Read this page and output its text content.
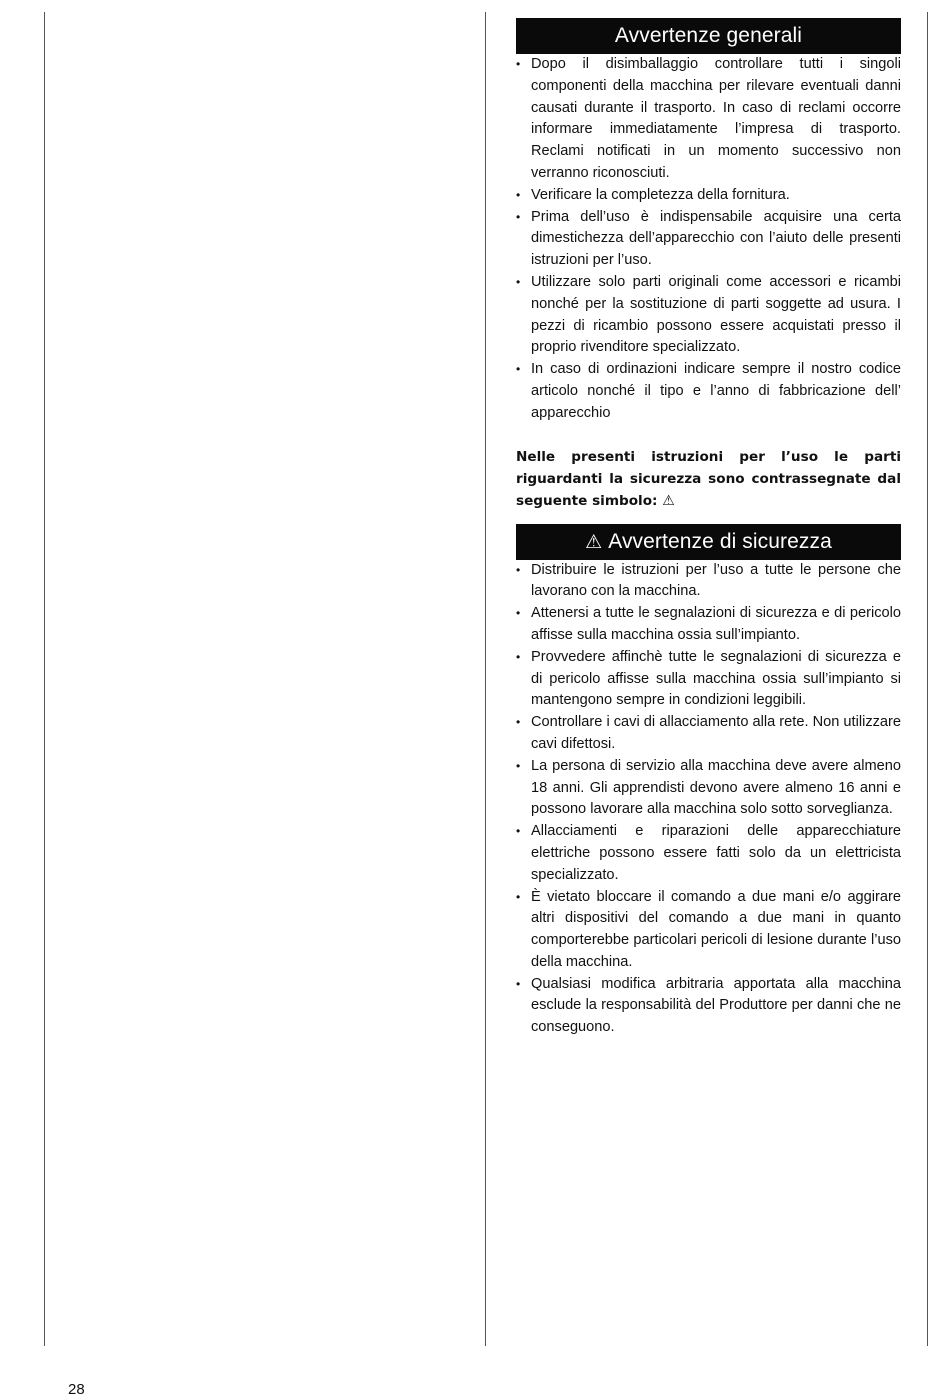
Avvertenze generali
• Dopo il disimballaggio controllare tutti i singoli componenti della macchina per rilevare eventuali danni causati durante il trasporto. In caso di reclami occorre informare immediatamente l’impresa di trasporto. Reclami notificati in un momento successivo non verranno riconosciuti.
• Verificare la completezza della fornitura.
• Prima dell’uso è indispensabile acquisire una certa dimestichezza dell’apparecchio con l’aiuto delle presenti istruzioni per l’uso.
• Utilizzare solo parti originali come accessori e ricambi nonché per la sostituzione di parti soggette ad usura. I pezzi di ricambio possono essere acquistati presso il proprio rivenditore specializzato.
• In caso di ordinazioni indicare sempre il nostro codice articolo nonché il tipo e l’anno di fabbricazione dell’ apparecchio
Nelle presenti istruzioni per l’uso le parti riguardanti la sicurezza sono contrassegnate dal seguente simbolo: ⚠
⚠ Avvertenze di sicurezza
• Distribuire le istruzioni per l’uso a tutte le persone che lavorano con la macchina.
• Attenersi a tutte le segnalazioni di sicurezza e di pericolo affisse sulla macchina ossia sull’impianto.
• Provvedere affinchè tutte le segnalazioni di sicurezza e di pericolo affisse sulla macchina ossia sull’impianto si mantengono sempre in condizioni leggibili.
• Controllare i cavi di allacciamento alla rete. Non utilizzare cavi difettosi.
• La persona di servizio alla macchina deve avere almeno 18 anni. Gli apprendisti devono avere almeno 16 anni e possono lavorare alla macchina solo sotto sorveglianza.
• Allacciamenti e riparazioni delle apparecchiature elettriche possono essere fatti solo da un elettricista specializzato.
• È vietato bloccare il comando a due mani e/o aggirare altri dispositivi del comando a due mani in quanto comporterebbe particolari pericoli di lesione durante l’uso della macchina.
• Qualsiasi modifica arbitraria apportata alla macchina esclude la responsabilità del Produttore per danni che ne conseguono.
28
